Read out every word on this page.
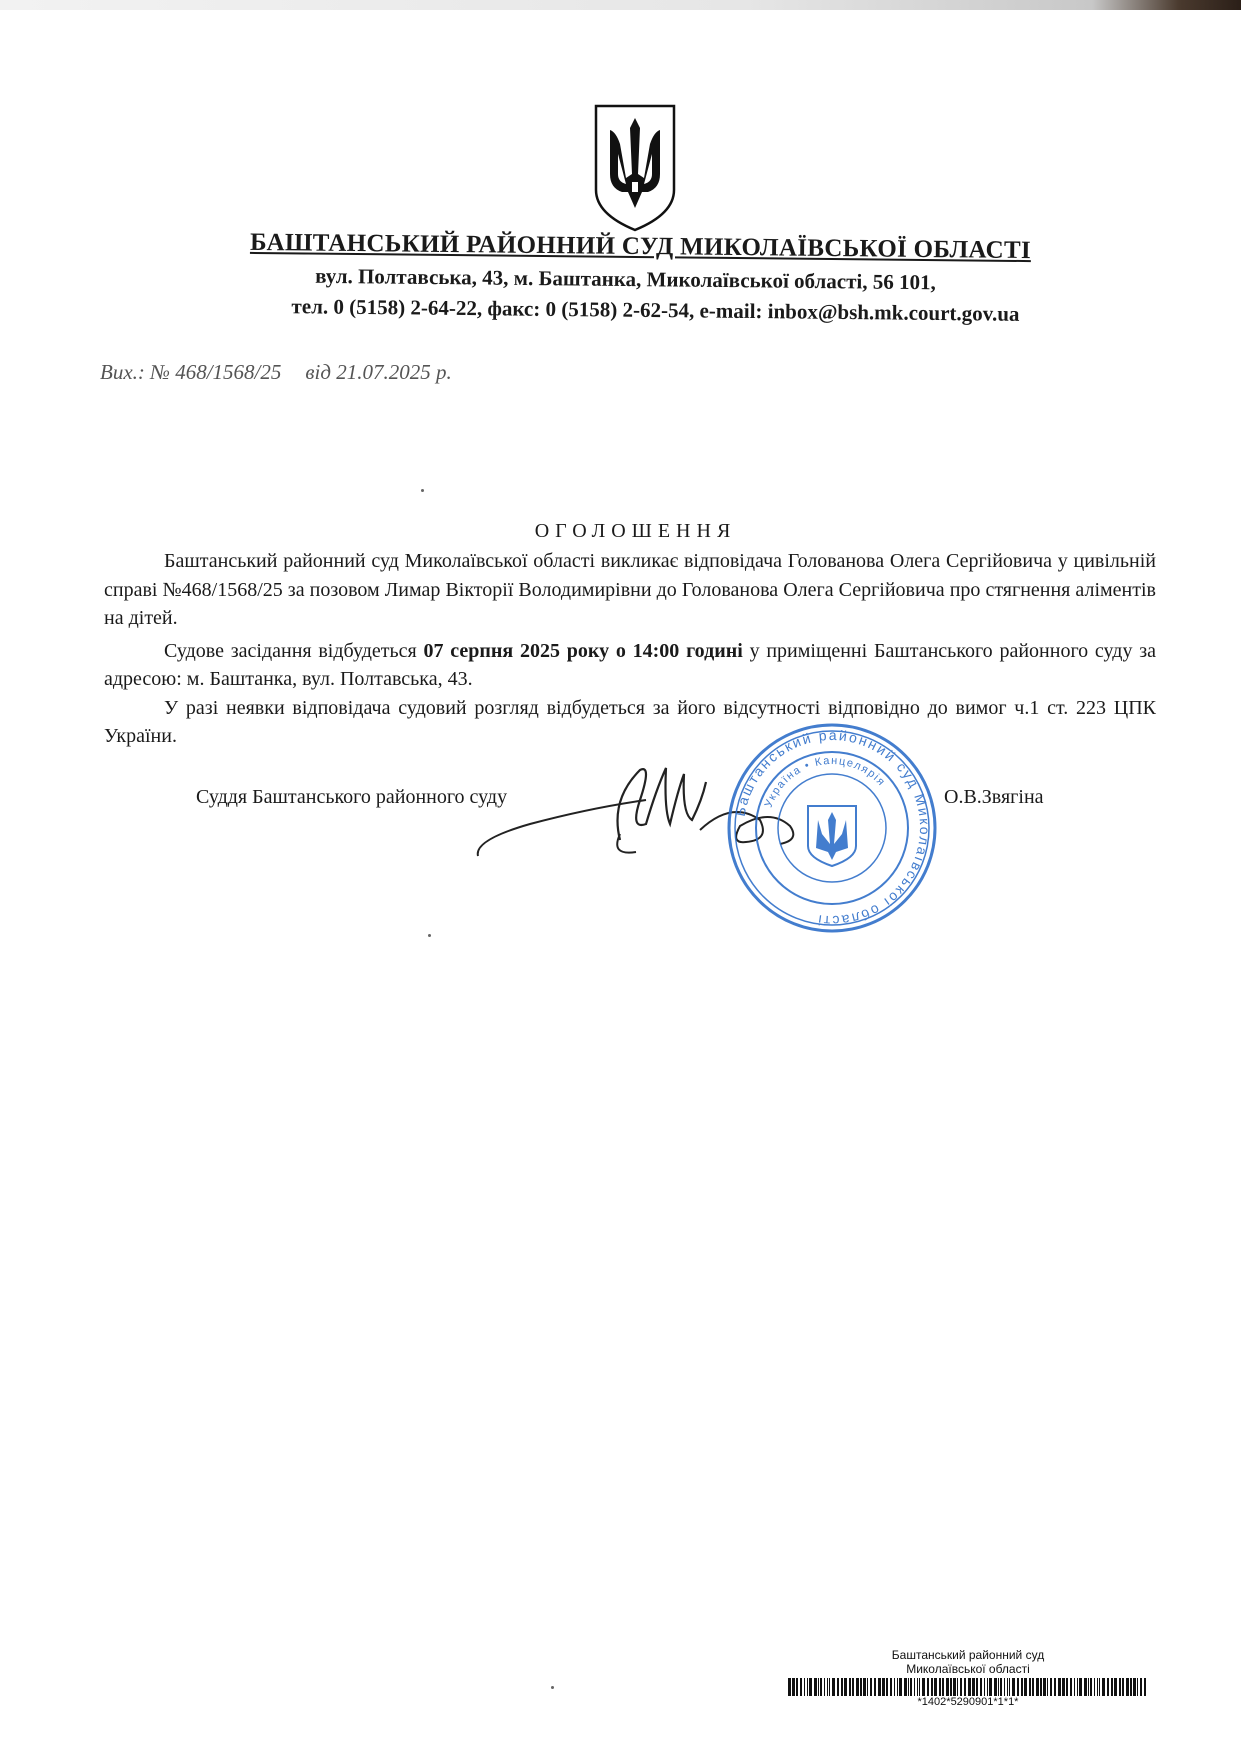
БАШТАНСЬКИЙ РАЙОННИЙ СУД МИКОЛАЇВСЬКОЇ ОБЛАСТІ
вул. Полтавська, 43, м. Баштанка, Миколаївської області, 56 101,
тел. 0 (5158) 2-64-22, факс: 0 (5158) 2-62-54, e-mail: inbox@bsh.mk.court.gov.ua
Вих.: № 468/1568/25 від 21.07.2025 р.
ОГОЛОШЕННЯ

Баштанський районний суд Миколаївської області викликає відповідача Голованова Олега Сергійовича у цивільній справі №468/1568/25 за позовом Лимар Вікторії Володимирівни до Голованова Олега Сергійовича про стягнення аліментів на дітей.

Судове засідання відбудеться 07 серпня 2025 року о 14:00 годині у приміщенні Баштанського районного суду за адресою: м. Баштанка, вул. Полтавська, 43.

У разі неявки відповідача судовий розгляд відбудеться за його відсутності відповідно до вимог ч.1 ст. 223 ЦПК України.

Суддя Баштанського районного суду	О.В.Звягіна
Баштанський районний суд Миколаївської області
Україна • Канцелярія
Баштанський районний суд
Миколаївської області
*1402*5290901*1*1*
